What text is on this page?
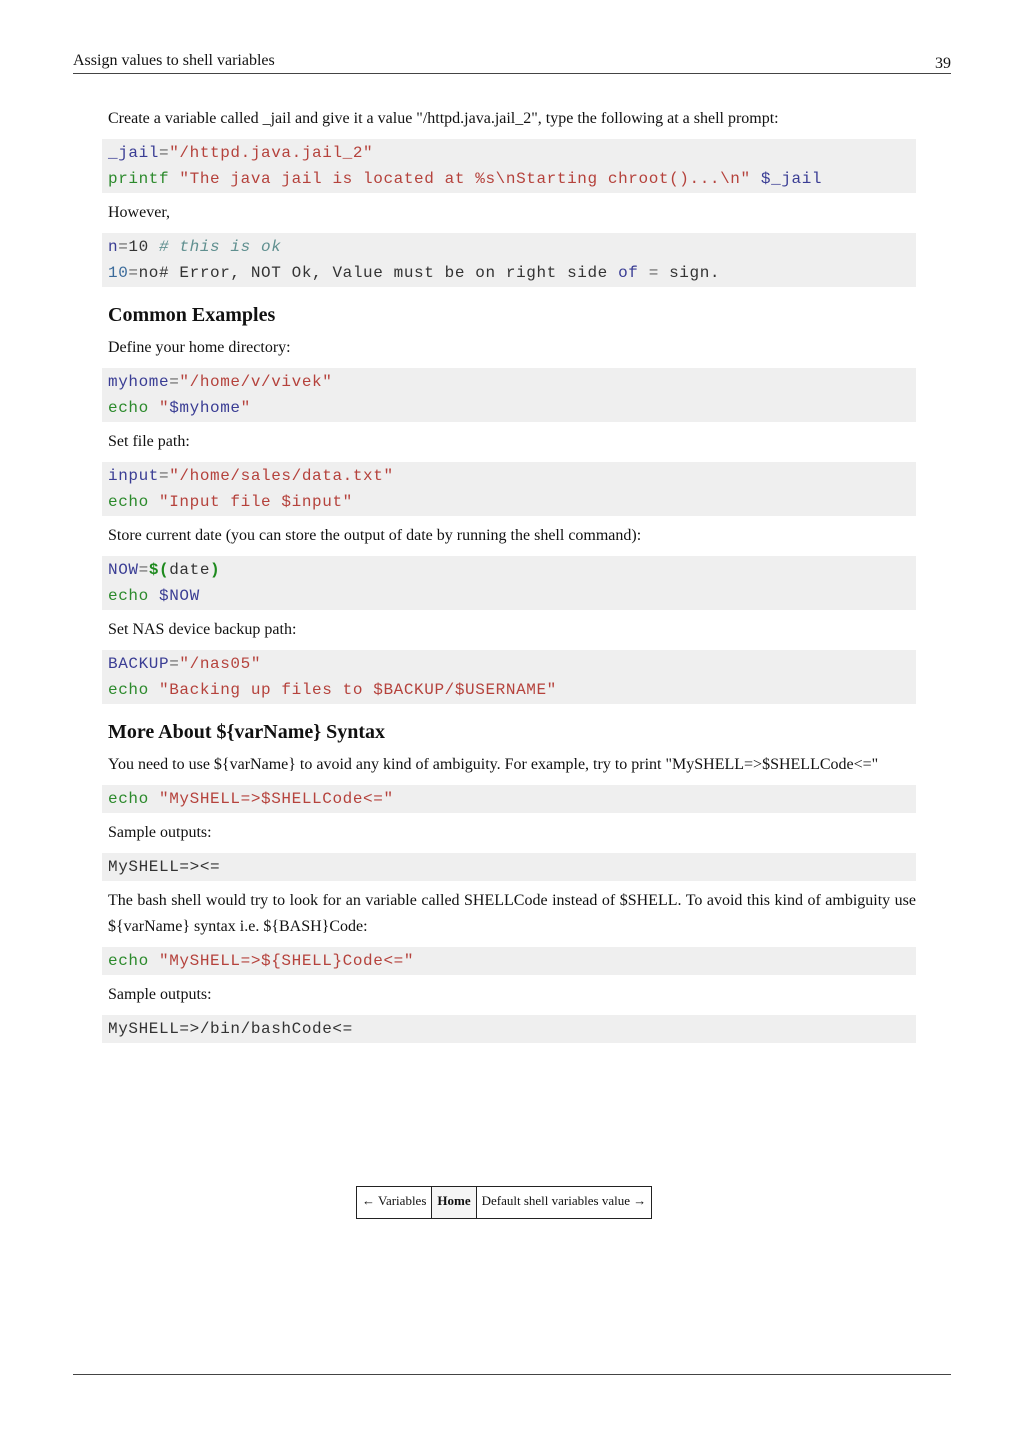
Assign values to shell variables	39

Create a variable called _jail and give it a value "/httpd.java.jail_2", type the following at a shell prompt:

_jail="/httpd.java.jail_2"
printf "The java jail is located at %s\nStarting chroot()...\n" $_jail

However,

n=10 # this is ok
10=no# Error, NOT Ok, Value must be on right side of = sign.
Common Examples

Define your home directory:

myhome="/home/v/vivek"
echo "$myhome"

Set file path:

input="/home/sales/data.txt"
echo "Input file $input"

Store current date (you can store the output of date by running the shell command):

NOW=$(date)
echo $NOW

Set NAS device backup path:

BACKUP="/nas05"
echo "Backing up files to $BACKUP/$USERNAME"
More About ${varName} Syntax

You need to use ${varName} to avoid any kind of ambiguity. For example, try to print "MySHELL=>$SHELLCode<="

echo "MySHELL=>$SHELLCode<="

Sample outputs:

MySHELL=><=

The bash shell would try to look for an variable called SHELLCode instead of $SHELL. To avoid this kind of ambiguity use ${varName} syntax i.e. ${BASH}Code:

echo "MySHELL=>${SHELL}Code<="

Sample outputs:

MySHELL=>/bin/bashCode<=
← Variables	Home	Default shell variables value →
